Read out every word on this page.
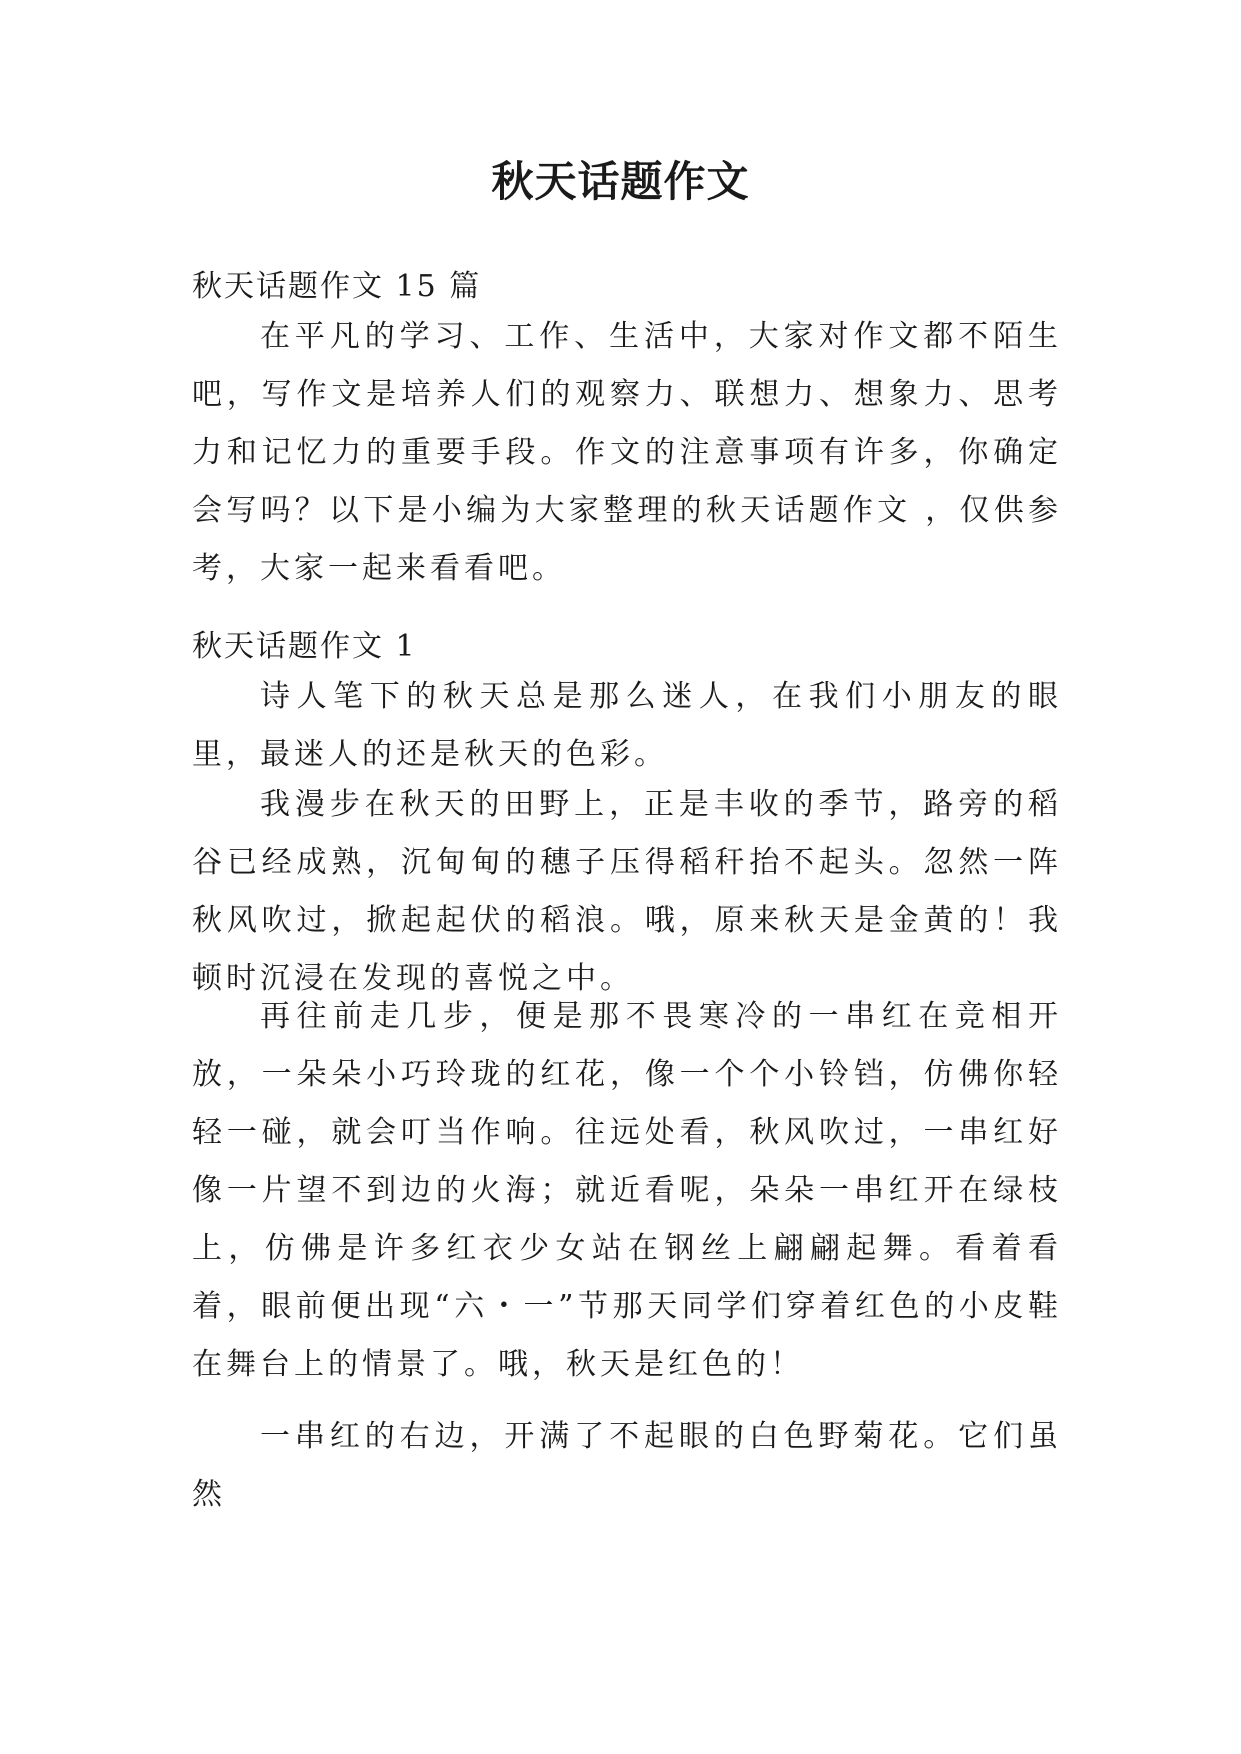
秋天话题作文

秋天话题作文 15 篇

在平凡的学习、工作、生活中，大家对作文都不陌生吧，写作文是培养人们的观察力、联想力、想象力、思考力和记忆力的重要手段。作文的注意事项有许多，你确定会写吗？以下是小编为大家整理的秋天话题作文 ，仅供参考，大家一起来看看吧。

秋天话题作文 1

诗人笔下的秋天总是那么迷人，在我们小朋友的眼里，最迷人的还是秋天的色彩。

我漫步在秋天的田野上，正是丰收的季节，路旁的稻谷已经成熟，沉甸甸的穗子压得稻秆抬不起头。忽然一阵秋风吹过，掀起起伏的稻浪。哦，原来秋天是金黄的！我顿时沉浸在发现的喜悦之中。

再往前走几步，便是那不畏寒冷的一串红在竞相开放，一朵朵小巧玲珑的红花，像一个个小铃铛，仿佛你轻轻一碰，就会叮当作响。往远处看，秋风吹过，一串红好像一片望不到边的火海；就近看呢，朵朵一串红开在绿枝上，仿佛是许多红衣少女站在钢丝上翩翩起舞。看着看着，眼前便出现“六・一”节那天同学们穿着红色的小皮鞋在舞台上的情景了。哦，秋天是红色的！

一串红的右边，开满了不起眼的白色野菊花。它们虽然
